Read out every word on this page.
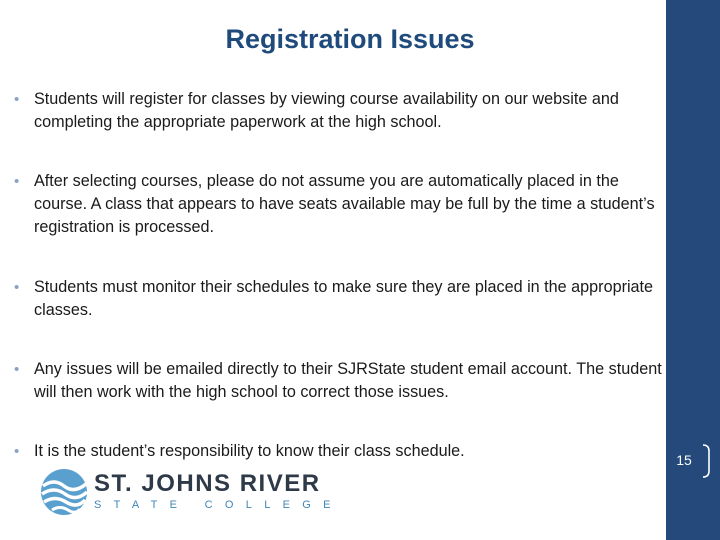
Registration Issues
• Students will register for classes by viewing course availability on our website and completing the appropriate paperwork at the high school.
• After selecting courses, please do not assume you are automatically placed in the course. A class that appears to have seats available may be full by the time a student’s registration is processed.
• Students must monitor their schedules to make sure they are placed in the appropriate classes.
• Any issues will be emailed directly to their SJRState student email account. The student will then work with the high school to correct those issues.
• It is the student’s responsibility to know their class schedule.	15
ST. JOHNS RIVER
STATE COLLEGE
